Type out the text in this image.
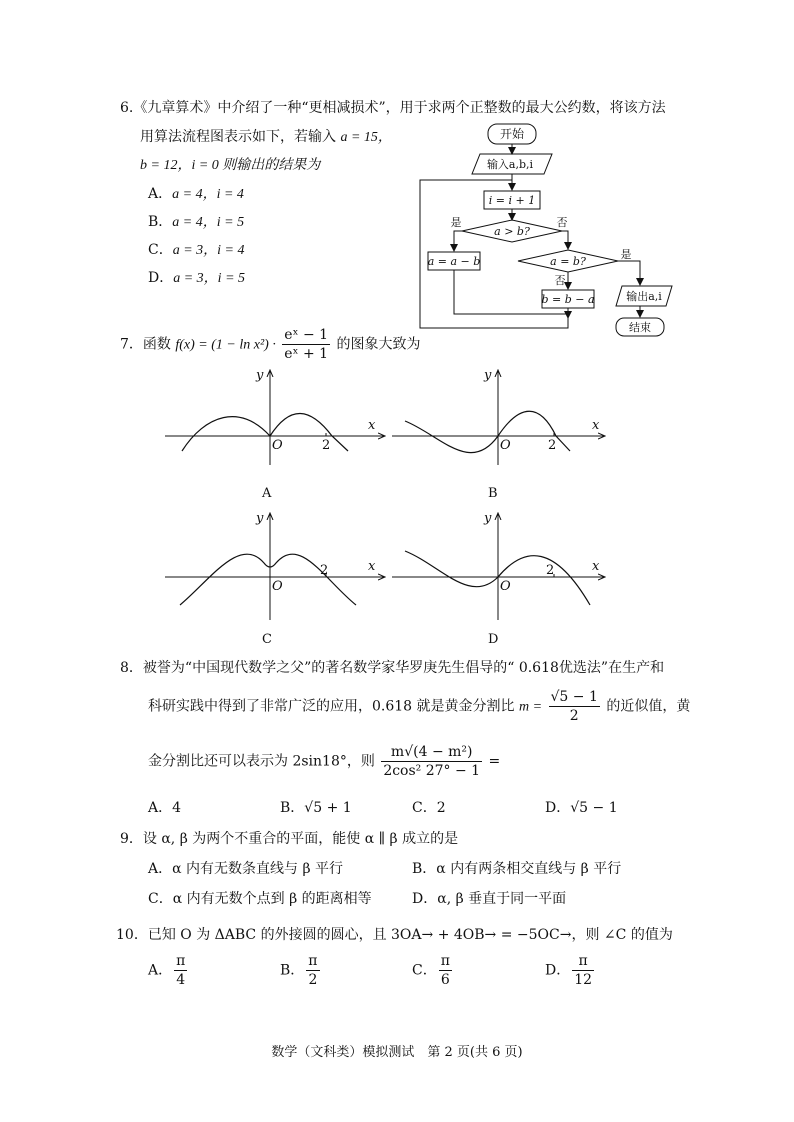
6.《九章算术》中介绍了一种“更相减损术”，用于求两个正整数的最大公约数，将该方法
用算法流程图表示如下，若输入 a = 15，
b = 12，i = 0 则输出的结果为
A．a = 4，i = 4
B．a = 4，i = 5
C．a = 3，i = 4
D．a = 3，i = 5
开始
输入a,b,i
i = i + 1
a > b?
是	否
a = a − b	a = b?
是
否
b = b − a	输出a,i
结束
7．函数 $f(x) = (1 - \ln x^2) \cdot \frac{\text{eˣ − 1}}{\text{eˣ + 1}}$ 的图象大致为
y
x
O	2
A
y
x
O	2
B
y
x
O
2
C
y
x
O
2
D
8．被誉为“中国现代数学之父”的著名数学家华罗庚先生倡导的“ 0.618优选法”在生产和
科研实践中得到了非常广泛的应用，0.618 就是黄金分割比 $m = \frac{√5 - 1}{2}$ 的近似值，黄
金分割比还可以表示为 2sin18°，则 $\frac{\text{m√(4 − m²)}}{\text{2cos² 27° − 1}}$ =
A．4	B．√5 + 1	C．2	D．√5 − 1
9．设 α, β 为两个不重合的平面，能使 α ∥ β 成立的是
A．α 内有无数条直线与 β 平行	B．α 内有两条相交直线与 β 平行
C．α 内有无数个点到 β 的距离相等	D．α, β 垂直于同一平面
10．已知 O 为 ΔABC 的外接圆的圆心，且 3OA→ + 4OB→ = −5OC→，则 ∠C 的值为
A． $\frac{\pi}{4}$	B． $\frac{\pi}{2}$	C． $\frac{\pi}{6}$	D． $\frac{\pi}{12}$
数学（文科类）模拟测试　第 2 页(共 6 页)
